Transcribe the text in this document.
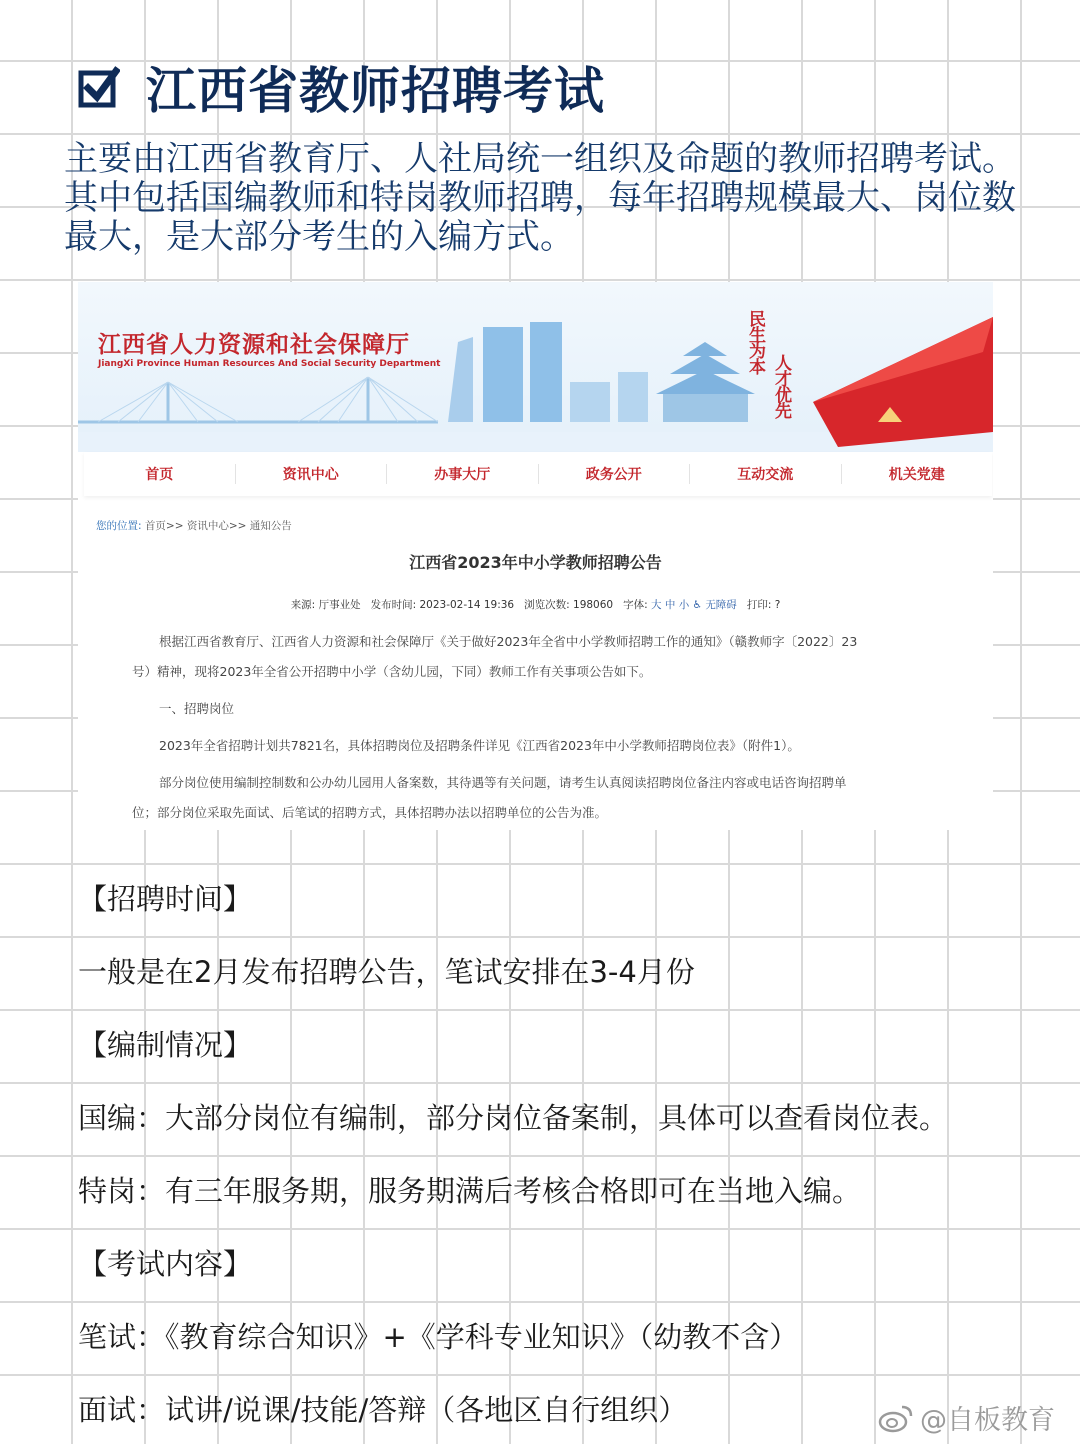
江西省教师招聘考试

主要由江西省教育厅、人社局统一组织及命题的教师招聘考试。

其中包括国编教师和特岗教师招聘，每年招聘规模最大、岗位数

最大，是大部分考生的入编方式。

江西省人力资源和社会保障厅
JiangXi Province Human Resources And Social Security Department	民生为本
人才优先
首页	资讯中心	办事大厅	政务公开	互动交流	机关党建
您的位置: 首页>> 资讯中心>> 通知公告
江西省2023年中小学教师招聘公告
来源: 厅事业处 发布时间: 2023-02-14 19:36 浏览次数: 198060 字体: 大 中 小 ♿ 无障碍 打印: ?

根据江西省教育厅、江西省人力资源和社会保障厅《关于做好2023年全省中小学教师招聘工作的通知》（赣教师字〔2022〕23
号）精神，现将2023年全省公开招聘中小学（含幼儿园，下同）教师工作有关事项公告如下。

一、招聘岗位

2023年全省招聘计划共7821名，具体招聘岗位及招聘条件详见《江西省2023年中小学教师招聘岗位表》（附件1）。

部分岗位使用编制控制数和公办幼儿园用人备案数，其待遇等有关问题，请考生认真阅读招聘岗位备注内容或电话咨询招聘单
位；部分岗位采取先面试、后笔试的招聘方式，具体招聘办法以招聘单位的公告为准。

【招聘时间】
一般是在2月发布招聘公告，笔试安排在3-4月份
【编制情况】
国编：大部分岗位有编制，部分岗位备案制，具体可以查看岗位表。
特岗：有三年服务期，服务期满后考核合格即可在当地入编。
【考试内容】
笔试：《教育综合知识》+《学科专业知识》（幼教不含）
面试：试讲/说课/技能/答辩（各地区自行组织）	@自板教育
